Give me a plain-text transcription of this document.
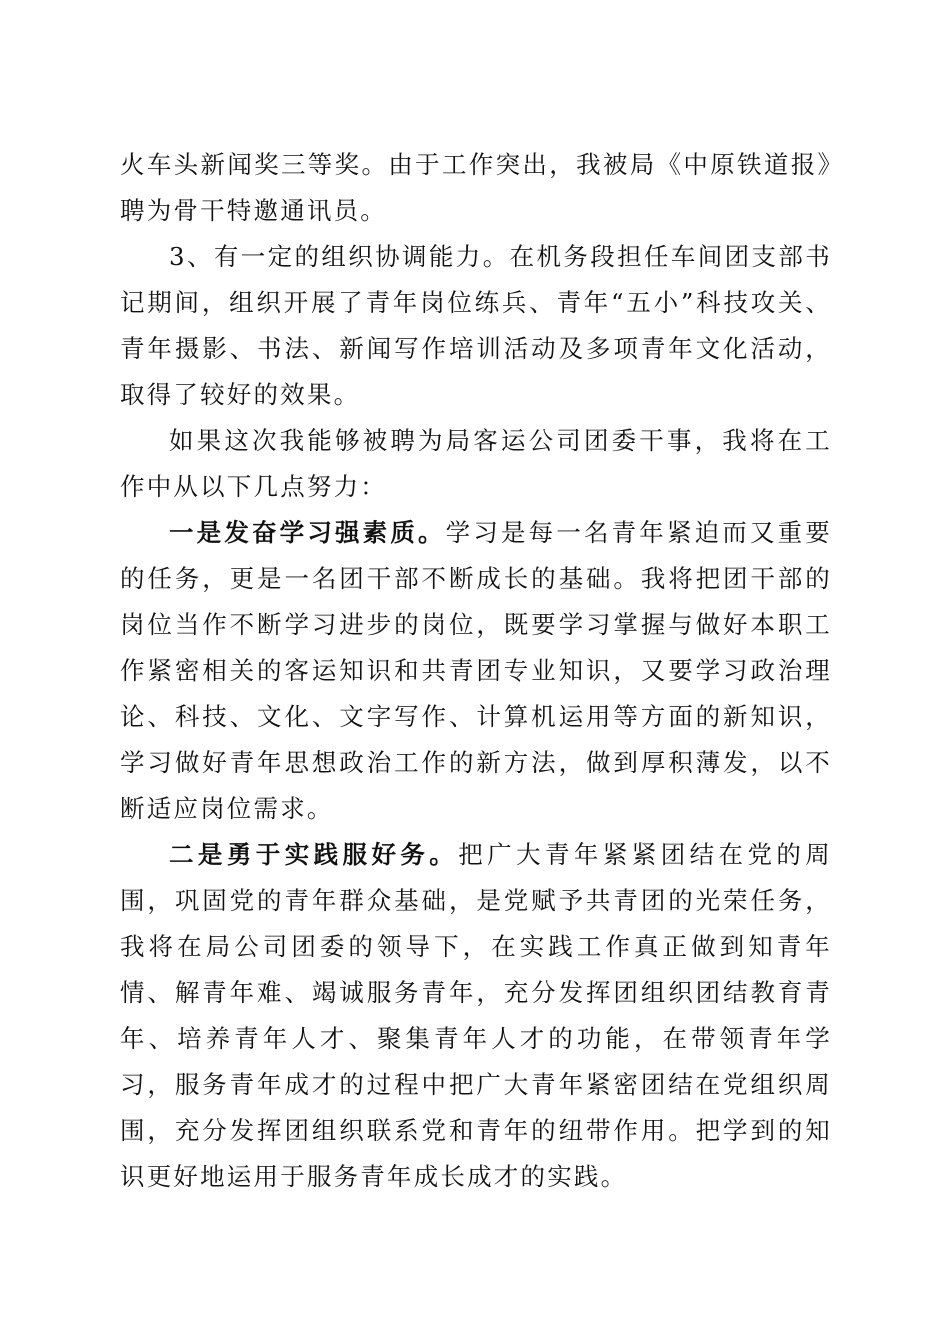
火车头新闻奖三等奖。由于工作突出，我被局《中原铁道报》聘为骨干特邀通讯员。

3、有一定的组织协调能力。在机务段担任车间团支部书记期间，组织开展了青年岗位练兵、青年“五小”科技攻关、青年摄影、书法、新闻写作培训活动及多项青年文化活动，取得了较好的效果。

如果这次我能够被聘为局客运公司团委干事，我将在工作中从以下几点努力：

一是发奋学习强素质。学习是每一名青年紧迫而又重要的任务，更是一名团干部不断成长的基础。我将把团干部的岗位当作不断学习进步的岗位，既要学习掌握与做好本职工作紧密相关的客运知识和共青团专业知识，又要学习政治理论、科技、文化、文字写作、计算机运用等方面的新知识，学习做好青年思想政治工作的新方法，做到厚积薄发，以不断适应岗位需求。

二是勇于实践服好务。把广大青年紧紧团结在党的周围，巩固党的青年群众基础，是党赋予共青团的光荣任务，我将在局公司团委的领导下，在实践工作真正做到知青年情、解青年难、竭诚服务青年，充分发挥团组织团结教育青年、培养青年人才、聚集青年人才的功能，在带领青年学习，服务青年成才的过程中把广大青年紧密团结在党组织周围，充分发挥团组织联系党和青年的纽带作用。把学到的知识更好地运用于服务青年成长成才的实践。
